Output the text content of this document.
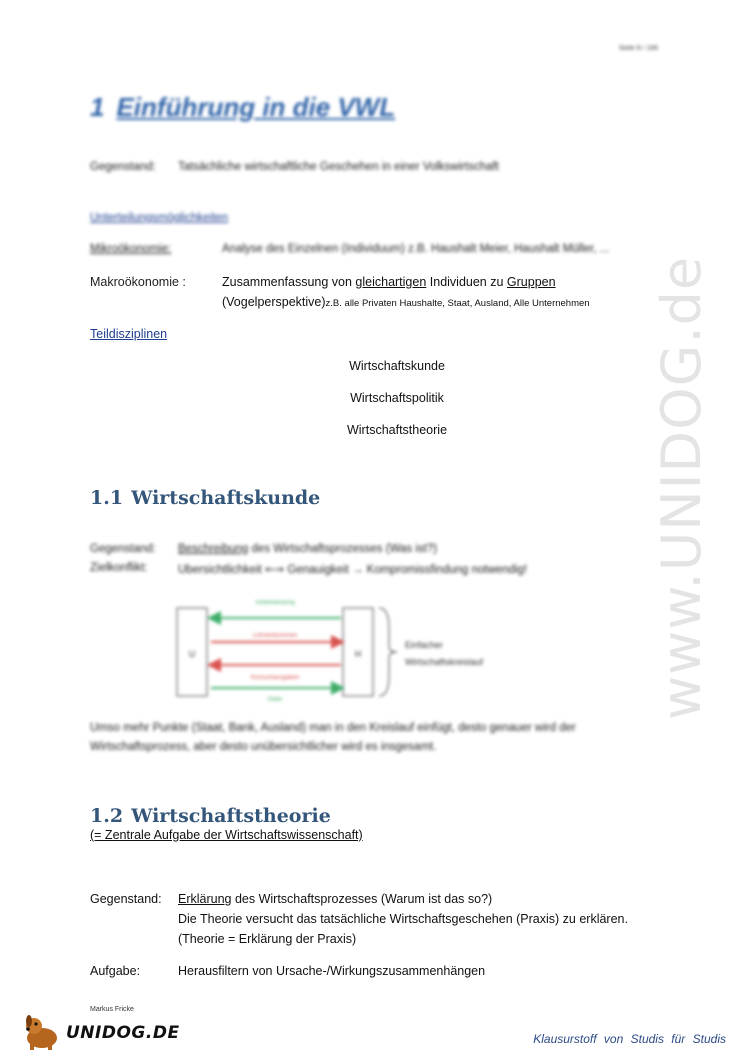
Seite 8 / 166
1 Einführung in die VWL
Gegenstand: Tatsächliche wirtschaftliche Geschehen in einer Volkswirtschaft
Unterteilungsmöglichkeiten
Mikroökonomie:	Analyse des Einzelnen (Individuum) z.B. Haushalt Meier, Haushalt Müller, ...
Makroökonomie :	Zusammenfassung von gleichartigen Individuen zu Gruppen
(Vogelperspektive)z.B. alle Privaten Haushalte, Staat, Ausland, Alle Unternehmen
Teildisziplinen
Wirtschaftskunde
Wirtschaftspolitik
Wirtschaftstheorie
1.1 Wirtschaftskunde
Gegenstand: Beschreibung des Wirtschaftsprozesses (Was ist?)
Zielkonflikt:	Übersichtlichkeit ⇐⇒ Genauigkeit → Kompromissfindung notwendig!
U	H
Arbeitsleistung
Lohneinkommen
Konsumausgaben
Güter
Einfacher
Wirtschaftskreislauf
Umso mehr Punkte (Staat, Bank, Ausland) man in den Kreislauf einfügt, desto genauer wird der
Wirtschaftsprozess, aber desto unübersichtlicher wird es insgesamt.
1.2 Wirtschaftstheorie
(= Zentrale Aufgabe der Wirtschaftswissenschaft)
Gegenstand: Erklärung des Wirtschaftsprozesses (Warum ist das so?)
Die Theorie versucht das tatsächliche Wirtschaftsgeschehen (Praxis) zu erklären.
(Theorie = Erklärung der Praxis)
Aufgabe:	Herausfiltern von Ursache-/Wirkungszusammenhängen
www.UNIDOG.de
Markus Fricke
UNIDOG.DE	Klausurstoff von Studis für Studis
